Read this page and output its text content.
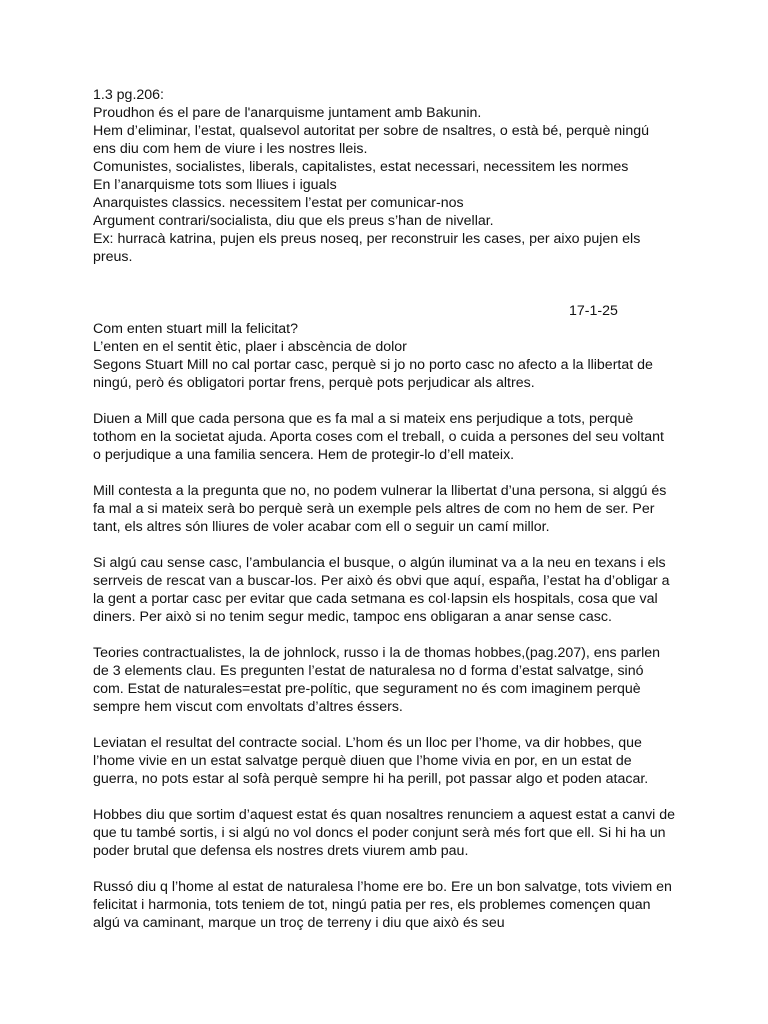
1.3 pg.206:
Proudhon és el pare de l'anarquisme juntament amb Bakunin.
Hem d’eliminar, l’estat, qualsevol autoritat per sobre de nsaltres, o està bé, perquè ningú
ens diu com hem de viure i les nostres lleis.
Comunistes, socialistes, liberals, capitalistes, estat necessari, necessitem les normes
En l’anarquisme tots som lliues i iguals
Anarquistes classics. necessitem l’estat per comunicar-nos
Argument contrari/socialista, diu que els preus s’han de nivellar.
Ex: hurracà katrina, pujen els preus noseq, per reconstruir les cases, per aixo pujen els
preus.
17-1-25
Com enten stuart mill la felicitat?
L’enten en el sentit ètic, plaer i abscència de dolor
Segons Stuart Mill no cal portar casc, perquè si jo no porto casc no afecto a la llibertat de
ningú, però és obligatori portar frens, perquè pots perjudicar als altres.
Diuen a Mill que cada persona que es fa mal a si mateix ens perjudique a tots, perquè
tothom en la societat ajuda. Aporta coses com el treball, o cuida a persones del seu voltant
o perjudique a una familia sencera. Hem de protegir-lo d’ell mateix.
Mill contesta a la pregunta que no, no podem vulnerar la llibertat d’una persona, si alggú és
fa mal a si mateix serà bo perquè serà un exemple pels altres de com no hem de ser. Per
tant, els altres són lliures de voler acabar com ell o seguir un camí millor.
Si algú cau sense casc, l’ambulancia el busque, o algún iluminat va a la neu en texans i els
serrveis de rescat van a buscar-los. Per això és obvi que aquí, españa, l’estat ha d’obligar a
la gent a portar casc per evitar que cada setmana es col·lapsin els hospitals, cosa que val
diners. Per això si no tenim segur medic, tampoc ens obligaran a anar sense casc.
Teories contractualistes, la de johnlock, russo i la de thomas hobbes,(pag.207), ens parlen
de 3 elements clau. Es pregunten l’estat de naturalesa no d forma d’estat salvatge, sinó
com. Estat de naturales=estat pre-polític, que segurament no és com imaginem perquè
sempre hem viscut com envoltats d’altres éssers.
Leviatan el resultat del contracte social. L’hom és un lloc per l’home, va dir hobbes, que
l’home vivie en un estat salvatge perquè diuen que l’home vivia en por, en un estat de
guerra, no pots estar al sofà perquè sempre hi ha perill, pot passar algo et poden atacar.
Hobbes diu que sortim d’aquest estat és quan nosaltres renunciem a aquest estat a canvi de
que tu també sortis, i si algú no vol doncs el poder conjunt serà més fort que ell. Si hi ha un
poder brutal que defensa els nostres drets viurem amb pau.
Russó diu q l’home al estat de naturalesa l’home ere bo. Ere un bon salvatge, tots viviem en
felicitat i harmonia, tots teniem de tot, ningú patia per res, els problemes començen quan
algú va caminant, marque un troç de terreny i diu que això és seu
